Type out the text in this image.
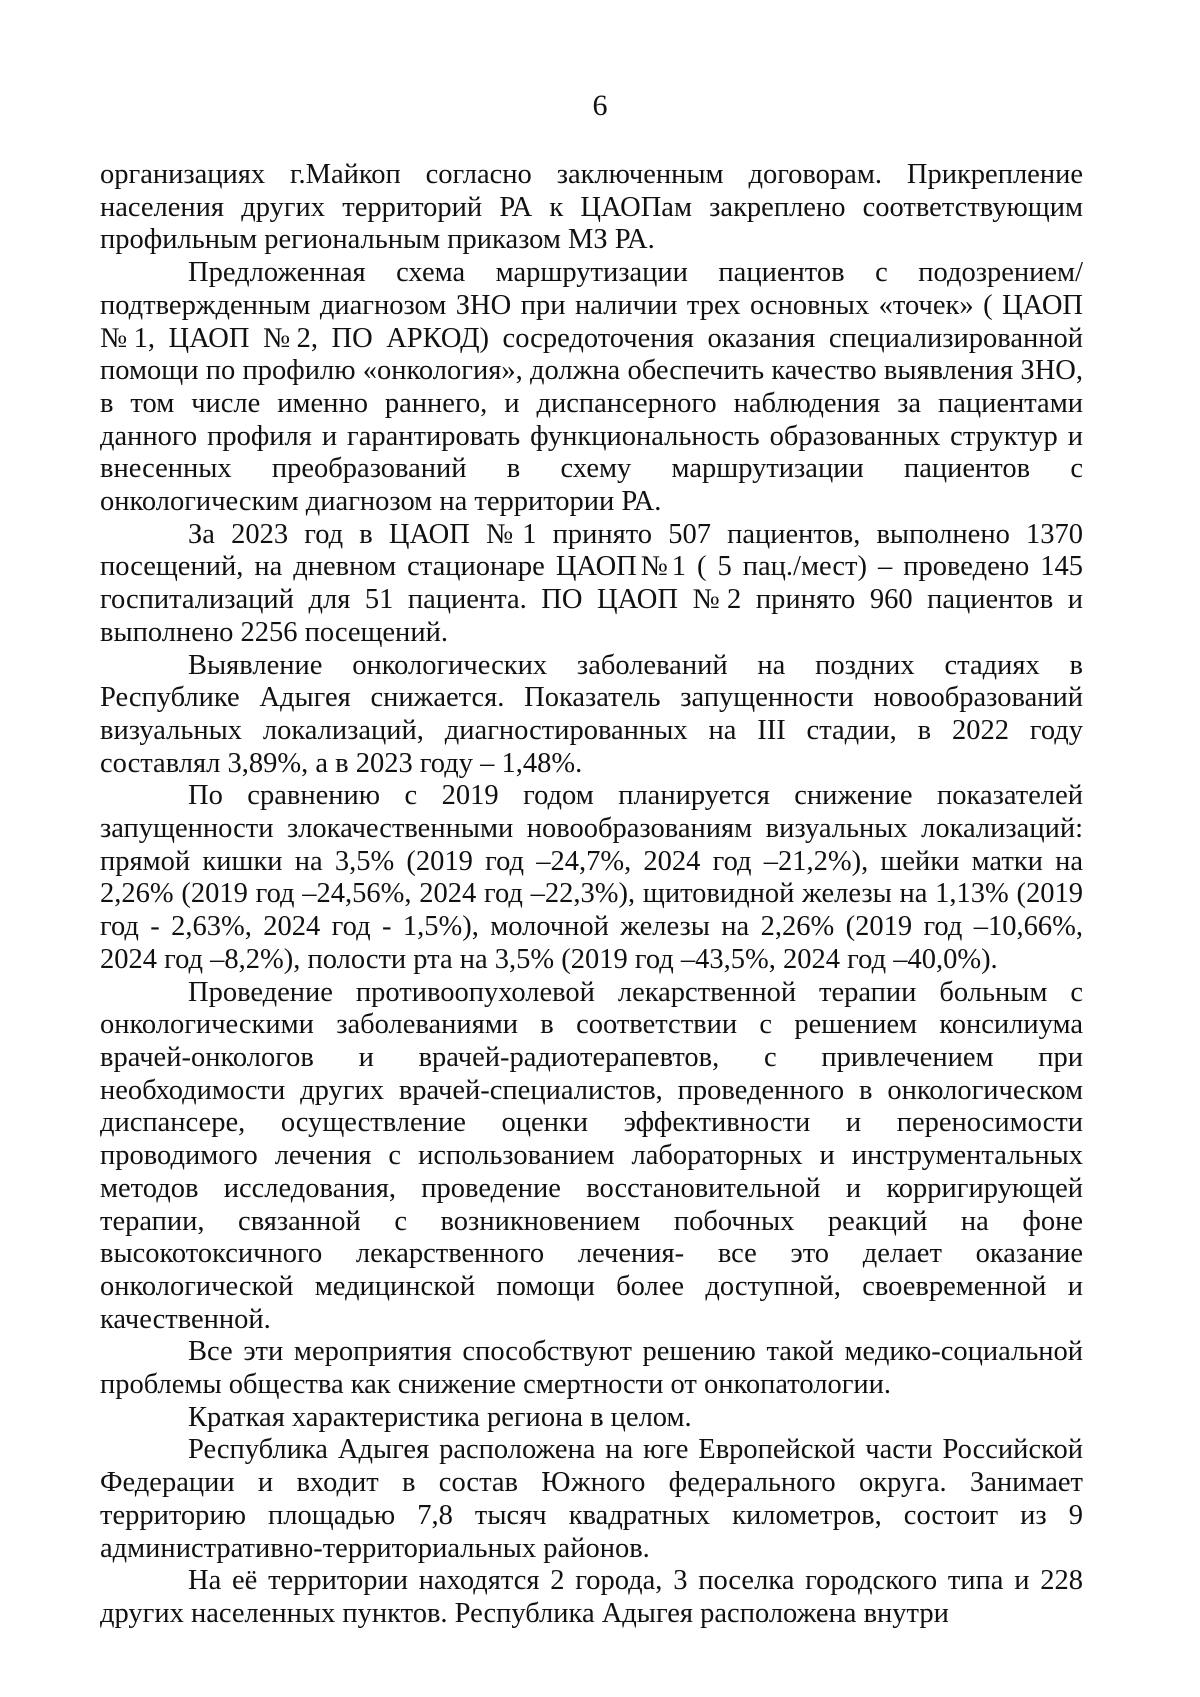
6

организациях г.Майкоп согласно заключенным договорам. Прикрепление населения других территорий РА к ЦАОПам закреплено соответствующим профильным региональным приказом МЗ РА.

Предложенная схема маршрутизации пациентов с подозрением/ подтвержденным диагнозом ЗНО при наличии трех основных «точек» ( ЦАОП №1, ЦАОП №2, ПО АРКОД) сосредоточения оказания специализированной помощи по профилю «онкология», должна обеспечить качество выявления ЗНО, в том числе именно раннего, и диспансерного наблюдения за пациентами данного профиля и гарантировать функциональность образованных структур и внесенных преобразований в схему маршрутизации пациентов с онкологическим диагнозом на территории РА.

За 2023 год в ЦАОП №1 принято 507 пациентов, выполнено 1370 посещений, на дневном стационаре ЦАОП№1 ( 5 пац./мест) – проведено 145 госпитализаций для 51 пациента. ПО ЦАОП №2 принято 960 пациентов и выполнено 2256 посещений.

Выявление онкологических заболеваний на поздних стадиях в Республике Адыгея снижается. Показатель запущенности новообразований визуальных локализаций, диагностированных на III стадии, в 2022 году составлял 3,89%, а в 2023 году – 1,48%.

По сравнению с 2019 годом планируется снижение показателей запущенности злокачественными новообразованиям визуальных локализаций: прямой кишки на 3,5% (2019 год –24,7%, 2024 год –21,2%), шейки матки на 2,26% (2019 год –24,56%, 2024 год –22,3%), щитовидной железы на 1,13% (2019 год - 2,63%, 2024 год - 1,5%), молочной железы на 2,26% (2019 год –10,66%, 2024 год –8,2%), полости рта на 3,5% (2019 год –43,5%, 2024 год –40,0%).

Проведение противоопухолевой лекарственной терапии больным с онкологическими заболеваниями в соответствии с решением консилиума врачей-онкологов и врачей-радиотерапевтов, с привлечением при необходимости других врачей-специалистов, проведенного в онкологическом диспансере, осуществление оценки эффективности и переносимости проводимого лечения с использованием лабораторных и инструментальных методов исследования, проведение восстановительной и корригирующей терапии, связанной с возникновением побочных реакций на фоне высокотоксичного лекарственного лечения- все это делает оказание онкологической медицинской помощи более доступной, своевременной и качественной.

Все эти мероприятия способствуют решению такой медико-социальной проблемы общества как снижение смертности от онкопатологии.

Краткая характеристика региона в целом.

Республика Адыгея расположена на юге Европейской части Российской Федерации и входит в состав Южного федерального округа. Занимает территорию площадью 7,8 тысяч квадратных километров, состоит из 9 административно-территориальных районов.

На её территории находятся 2 города, 3 поселка городского типа и 228 других населенных пунктов. Республика Адыгея расположена внутри
